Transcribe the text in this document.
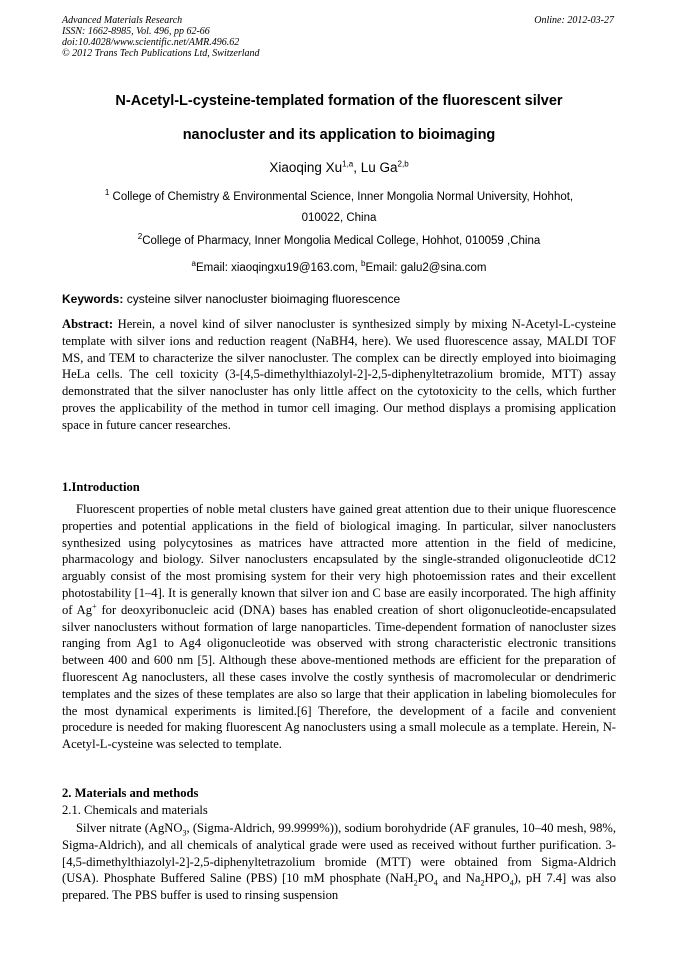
Advanced Materials Research	Online: 2012-03-27
ISSN: 1662-8985, Vol. 496, pp 62-66
doi:10.4028/www.scientific.net/AMR.496.62
© 2012 Trans Tech Publications Ltd, Switzerland
N-Acetyl-L-cysteine-templated formation of the fluorescent silver
nanocluster and its application to bioimaging
Xiaoqing Xu$^{1,a}$, Lu Ga$^{2,b}$
$^1$ College of Chemistry & Environmental Science, Inner Mongolia Normal University, Hohhot,
010022, China
$^2$College of Pharmacy, Inner Mongolia Medical College, Hohhot, 010059 ,China
$^a$Email: xiaoqingxu19@163.com, $^b$Email: galu2@sina.com
Keywords: cysteine silver nanocluster bioimaging fluorescence
Abstract: Herein, a novel kind of silver nanocluster is synthesized simply by mixing N-Acetyl-L-cysteine template with silver ions and reduction reagent (NaBH4, here). We used fluorescence assay, MALDI TOF MS, and TEM to characterize the silver nanocluster. The complex can be directly employed into bioimaging HeLa cells. The cell toxicity (3-[4,5-dimethylthiazolyl-2]-2,5-diphenyltetrazolium bromide, MTT) assay demonstrated that the silver nanocluster has only little affect on the cytotoxicity to the cells, which further proves the applicability of the method in tumor cell imaging. Our method displays a promising application space in future cancer researches.
1.Introduction
Fluorescent properties of noble metal clusters have gained great attention due to their unique fluorescence properties and potential applications in the field of biological imaging. In particular, silver nanoclusters synthesized using polycytosines as matrices have attracted more attention in the field of medicine, pharmacology and biology. Silver nanoclusters encapsulated by the single-stranded oligonucleotide dC12 arguably consist of the most promising system for their very high photoemission rates and their excellent photostability [1–4]. It is generally known that silver ion and C base are easily incorporated. The high affinity of Ag+ for deoxyribonucleic acid (DNA) bases has enabled creation of short oligonucleotide-encapsulated silver nanoclusters without formation of large nanoparticles. Time-dependent formation of nanocluster sizes ranging from Ag1 to Ag4 oligonucleotide was observed with strong characteristic electronic transitions between 400 and 600 nm [5]. Although these above-mentioned methods are efficient for the preparation of fluorescent Ag nanoclusters, all these cases involve the costly synthesis of macromolecular or dendrimeric templates and the sizes of these templates are also so large that their application in labeling biomolecules for the most dynamical experiments is limited.[6] Therefore, the development of a facile and convenient procedure is needed for making fluorescent Ag nanoclusters using a small molecule as a template. Herein, N-Acetyl-L-cysteine was selected to template.
2. Materials and methods
2.1. Chemicals and materials
Silver nitrate (AgNO$_3$, (Sigma-Aldrich, 99.9999%)), sodium borohydride (AF granules, 10–40 mesh, 98%, Sigma-Aldrich), and all chemicals of analytical grade were used as received without further purification. 3-[4,5-dimethylthiazolyl-2]-2,5-diphenyltetrazolium bromide (MTT) were obtained from Sigma-Aldrich (USA). Phosphate Buffered Saline (PBS) [10 mM phosphate ($NaH_2PO_4$ and $Na_2HPO_4$), pH 7.4] was also prepared. The PBS buffer is used to rinsing suspension
